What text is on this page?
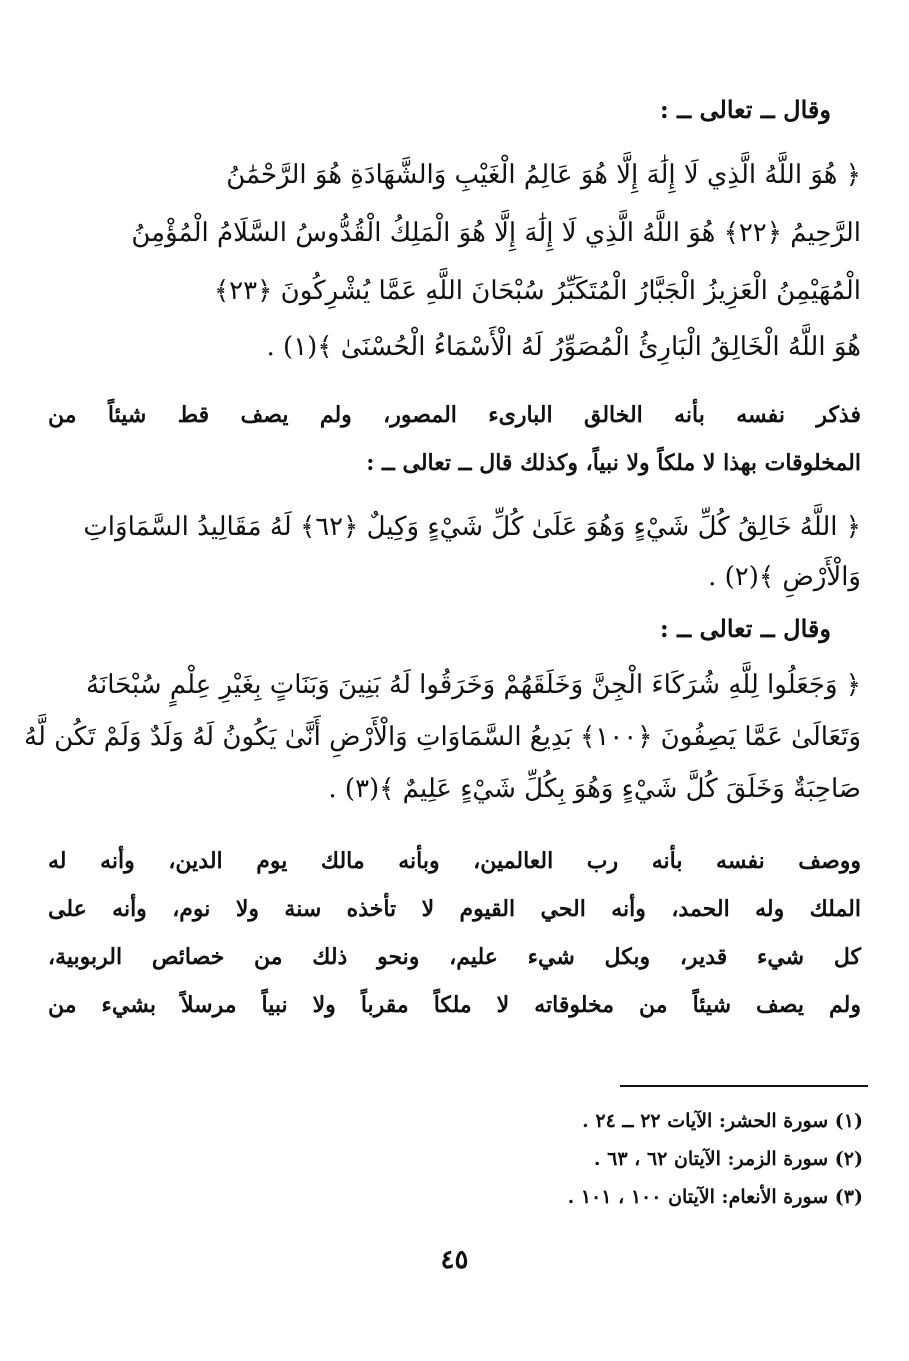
وقال ــ تعالى ــ :
﴿ هُوَ اللَّهُ الَّذِي لَا إِلَٰهَ إِلَّا هُوَ عَالِمُ الْغَيْبِ وَالشَّهَادَةِ هُوَ الرَّحْمَٰنُ
الرَّحِيمُ ﴿٢٢﴾ هُوَ اللَّهُ الَّذِي لَا إِلَٰهَ إِلَّا هُوَ الْمَلِكُ الْقُدُّوسُ السَّلَامُ الْمُؤْمِنُ
الْمُهَيْمِنُ الْعَزِيزُ الْجَبَّارُ الْمُتَكَبِّرُ سُبْحَانَ اللَّهِ عَمَّا يُشْرِكُونَ ﴿٢٣﴾
هُوَ اللَّهُ الْخَالِقُ الْبَارِئُ الْمُصَوِّرُ لَهُ الْأَسْمَاءُ الْحُسْنَىٰ ﴾(١) .
فذكر نفسه بأنه الخالق البارىء المصور، ولم يصف قط شيئاً من
المخلوقات بهذا لا ملكاً ولا نبياً، وكذلك قال ــ تعالى ــ :
﴿ اللَّهُ خَالِقُ كُلِّ شَيْءٍ وَهُوَ عَلَىٰ كُلِّ شَيْءٍ وَكِيلٌ ﴿٦٢﴾ لَهُ مَقَالِيدُ السَّمَاوَاتِ
وَالْأَرْضِ ﴾(٢) .
وقال ــ تعالى ــ :
﴿ وَجَعَلُوا لِلَّهِ شُرَكَاءَ الْجِنَّ وَخَلَقَهُمْ وَخَرَقُوا لَهُ بَنِينَ وَبَنَاتٍ بِغَيْرِ عِلْمٍ سُبْحَانَهُ
وَتَعَالَىٰ عَمَّا يَصِفُونَ ﴿١٠٠﴾ بَدِيعُ السَّمَاوَاتِ وَالْأَرْضِ أَنَّىٰ يَكُونُ لَهُ وَلَدٌ وَلَمْ تَكُن لَّهُ
صَاحِبَةٌ وَخَلَقَ كُلَّ شَيْءٍ وَهُوَ بِكُلِّ شَيْءٍ عَلِيمٌ ﴾(٣) .
ووصف نفسه بأنه رب العالمين، وبأنه مالك يوم الدين، وأنه له
الملك وله الحمد، وأنه الحي القيوم لا تأخذه سنة ولا نوم، وأنه على
كل شيء قدير، وبكل شيء عليم، ونحو ذلك من خصائص الربوبية،
ولم يصف شيئاً من مخلوقاته لا ملكاً مقرباً ولا نبياً مرسلاً بشيء من
(١) سورة الحشر: الآيات ٢٢ ــ ٢٤ .
(٢) سورة الزمر: الآيتان ٦٢ ، ٦٣ .
(٣) سورة الأنعام: الآيتان ١٠٠ ، ١٠١ .
٤٥
